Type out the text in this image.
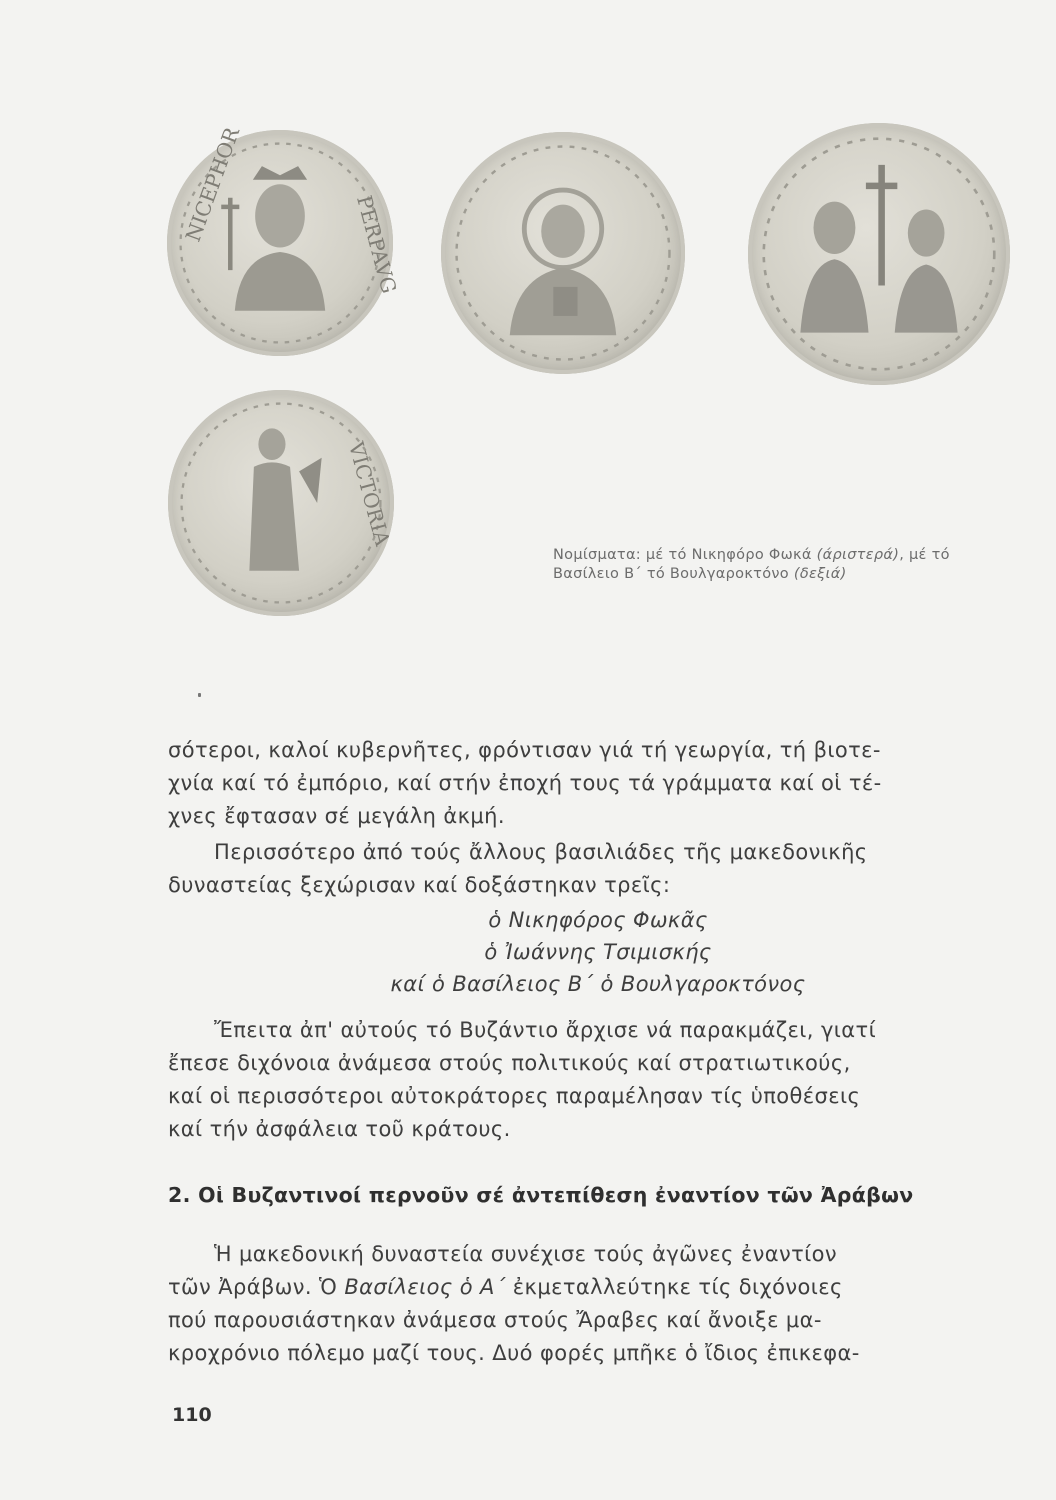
NICEPHOR	PERPAVG
VICTORIA
Νομίσματα: μέ τό Νικηφόρο Φωκά (άριστερά), μέ τό Βασίλειο Β΄ τό Βουλγαροκτόνο (δεξιά)
σότεροι, καλοί κυβερνῆτες, φρόντισαν γιά τή γεωργία, τή βιοτε-
χνία καί τό ἐμπόριο, καί στήν ἐποχή τους τά γράμματα καί οἱ τέ-
χνες ἔφτασαν σέ μεγάλη ἀκμή.
Περισσότερο ἀπό τούς ἄλλους βασιλιάδες τῆς μακεδονικῆς
δυναστείας ξεχώρισαν καί δοξάστηκαν τρεῖς:
ὁ Νικηφόρος Φωκᾶς
ὁ Ἰωάννης Τσιμισκής
καί ὁ Βασίλειος Β΄ ὁ Βουλγαροκτόνος
Ἔπειτα ἀπ' αὐτούς τό Βυζάντιο ἄρχισε νά παρακμάζει, γιατί
ἔπεσε διχόνοια ἀνάμεσα στούς πολιτικούς καί στρατιωτικούς,
καί οἱ περισσότεροι αὐτοκράτορες παραμέλησαν τίς ὑποθέσεις
καί τήν ἀσφάλεια τοῦ κράτους.
2. Οἱ Βυζαντινοί περνοῦν σέ ἀντεπίθεση ἐναντίον τῶν Ἀράβων
Ἡ μακεδονική δυναστεία συνέχισε τούς ἀγῶνες ἐναντίον
τῶν Ἀράβων. Ὁ Βασίλειος ὁ Α΄ ἐκμεταλλεύτηκε τίς διχόνοιες
πού παρουσιάστηκαν ἀνάμεσα στούς Ἄραβες καί ἄνοιξε μα-
κροχρόνιο πόλεμο μαζί τους. Δυό φορές μπῆκε ὁ ἴδιος ἐπικεφα-
110
